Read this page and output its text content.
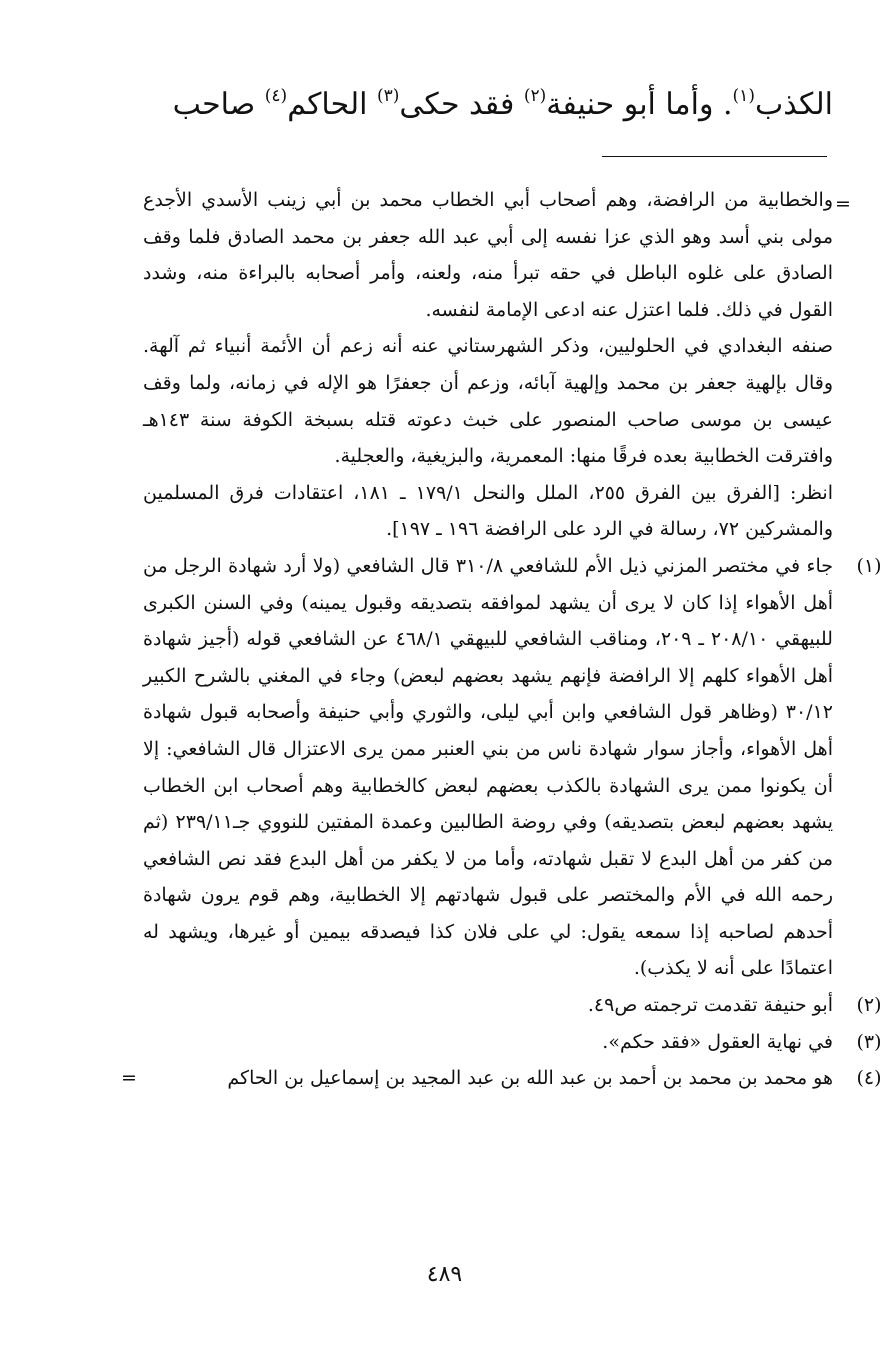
الكذب$^{(١)}$. وأما أبو حنيفة$^{(٢)}$ فقد حكى$^{(٣)}$ الحاكم$^{(٤)}$ صاحب
=

والخطابية من الرافضة، وهم أصحاب أبي الخطاب محمد بن أبي زينب الأسدي الأجدع مولى بني أسد وهو الذي عزا نفسه إلى أبي عبد الله جعفر بن محمد الصادق فلما وقف الصادق على غلوه الباطل في حقه تبرأ منه، ولعنه، وأمر أصحابه بالبراءة منه، وشدد القول في ذلك. فلما اعتزل عنه ادعى الإمامة لنفسه.

صنفه البغدادي في الحلوليين، وذكر الشهرستاني عنه أنه زعم أن الأئمة أنبياء ثم آلهة. وقال بإلهية جعفر بن محمد وإلهية آبائه، وزعم أن جعفرًا هو الإله في زمانه، ولما وقف عيسى بن موسى صاحب المنصور على خبث دعوته قتله بسبخة الكوفة سنة ١٤٣هـ وافترقت الخطابية بعده فرقًا منها: المعمرية، والبزيغية، والعجلية.

انظر: [الفرق بين الفرق ٢٥٥، الملل والنحل ١٧٩/١ ـ ١٨١، اعتقادات فرق المسلمين والمشركين ٧٢، رسالة في الرد على الرافضة ١٩٦ ـ ١٩٧].

(١)

جاء في مختصر المزني ذيل الأم للشافعي ٣١٠/٨ قال الشافعي (ولا أرد شهادة الرجل من أهل الأهواء إذا كان لا يرى أن يشهد لموافقه بتصديقه وقبول يمينه) وفي السنن الكبرى للبيهقي ٢٠٨/١٠ ـ ٢٠٩، ومناقب الشافعي للبيهقي ٤٦٨/١ عن الشافعي قوله (أجيز شهادة أهل الأهواء كلهم إلا الرافضة فإنهم يشهد بعضهم لبعض) وجاء في المغني بالشرح الكبير ٣٠/١٢ (وظاهر قول الشافعي وابن أبي ليلى، والثوري وأبي حنيفة وأصحابه قبول شهادة أهل الأهواء، وأجاز سوار شهادة ناس من بني العنبر ممن يرى الاعتزال قال الشافعي: إلا أن يكونوا ممن يرى الشهادة بالكذب بعضهم لبعض كالخطابية وهم أصحاب ابن الخطاب يشهد بعضهم لبعض بتصديقه) وفي روضة الطالبين وعمدة المفتين للنووي جـ٢٣٩/١١ (ثم من كفر من أهل البدع لا تقبل شهادته، وأما من لا يكفر من أهل البدع فقد نص الشافعي رحمه الله في الأم والمختصر على قبول شهادتهم إلا الخطابية، وهم قوم يرون شهادة أحدهم لصاحبه إذا سمعه يقول: لي على فلان كذا فيصدقه بيمين أو غيرها، ويشهد له اعتمادًا على أنه لا يكذب).

(٢)

أبو حنيفة تقدمت ترجمته ص٤٩.

(٣)

في نهاية العقول «فقد حكم».

(٤)

هو محمد بن محمد بن أحمد بن عبد الله بن عبد المجيد بن إسماعيل بن الحاكم

=
٤٨٩
